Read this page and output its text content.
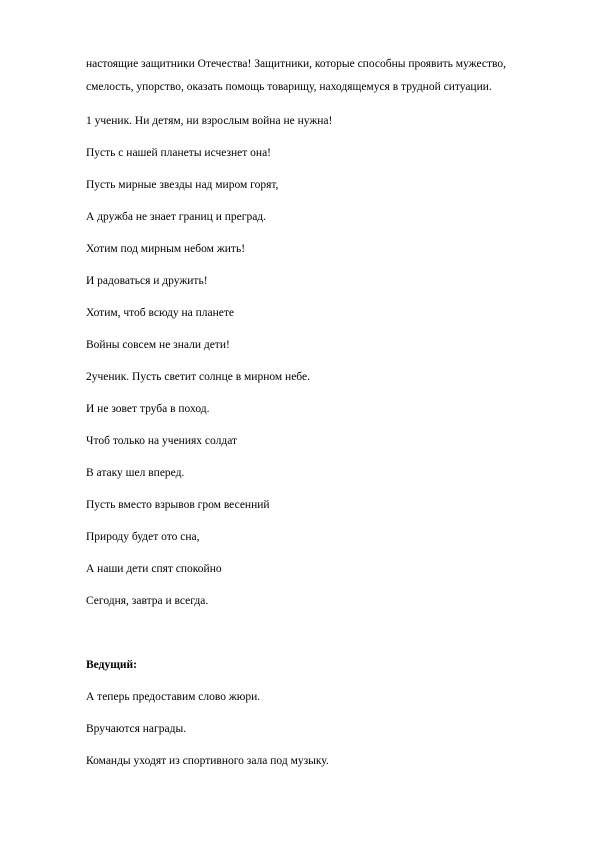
настоящие защитники Отечества! Защитники, которые способны проявить мужество,
смелость, упорство, оказать помощь товарищу, находящемуся в трудной ситуации.
1 ученик. Ни детям, ни взрослым война не нужна!
Пусть с нашей планеты исчезнет она!
Пусть мирные звезды над миром горят,
А дружба не знает границ и преград.
Хотим под мирным небом жить!
И радоваться и дружить!
Хотим, чтоб всюду на планете
Войны совсем не знали дети!
2ученик. Пусть светит солнце в мирном небе.
И не зовет труба в поход.
Чтоб только на учениях солдат
В атаку шел вперед.
Пусть вместо взрывов гром весенний
Природу будет ото сна,
А наши дети спят спокойно
Сегодня, завтра и всегда.
Ведущий:
А теперь предоставим слово жюри.
Вручаются награды.
Команды уходят из спортивного зала под музыку.
